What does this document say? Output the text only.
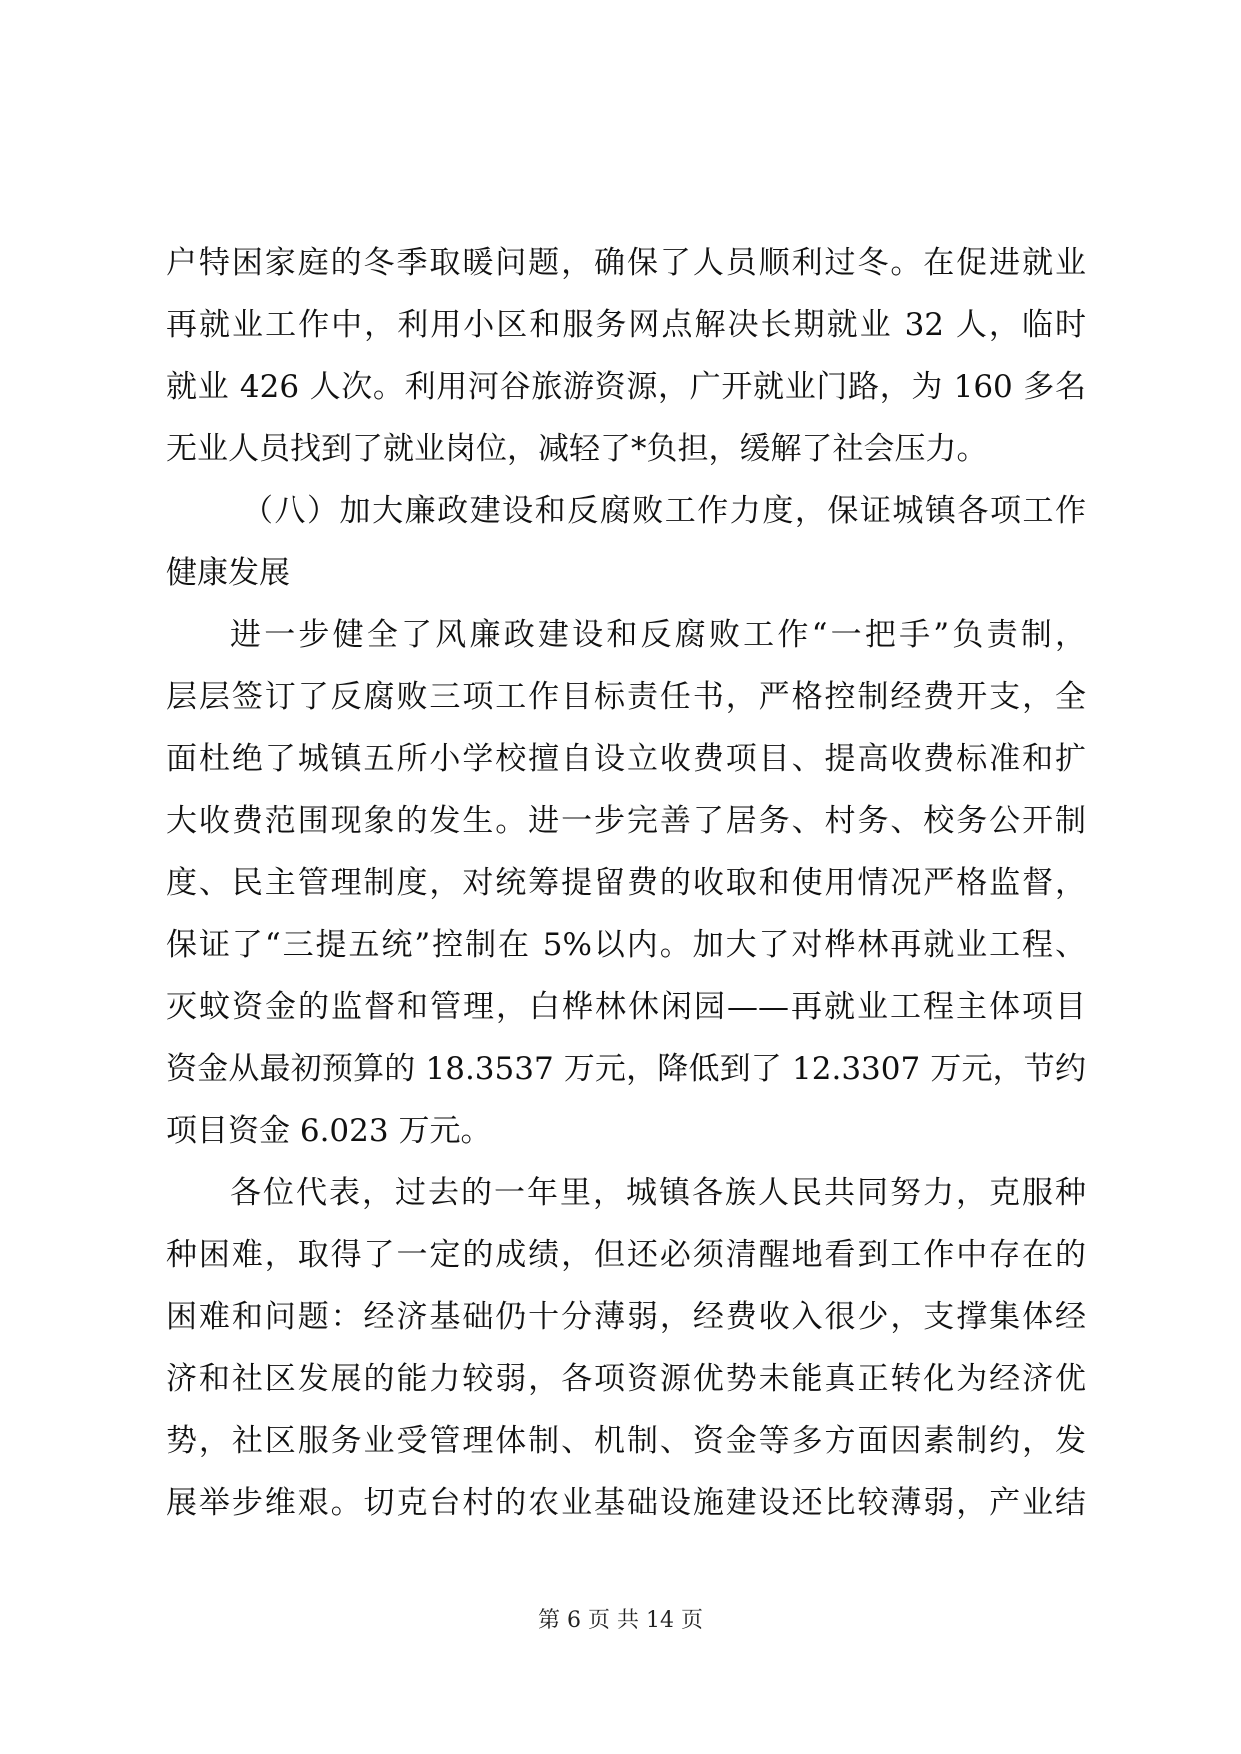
户特困家庭的冬季取暖问题，确保了人员顺利过冬。在促进就业
再就业工作中，利用小区和服务网点解决长期就业 32 人，临时
就业 426 人次。利用河谷旅游资源，广开就业门路，为 160 多名
无业人员找到了就业岗位，减轻了*负担，缓解了社会压力。
（八）加大廉政建设和反腐败工作力度，保证城镇各项工作
健康发展
进一步健全了风廉政建设和反腐败工作“一把手”负责制，
层层签订了反腐败三项工作目标责任书，严格控制经费开支，全
面杜绝了城镇五所小学校擅自设立收费项目、提高收费标准和扩
大收费范围现象的发生。进一步完善了居务、村务、校务公开制
度、民主管理制度，对统筹提留费的收取和使用情况严格监督，
保证了“三提五统”控制在 5%以内。加大了对桦林再就业工程、
灭蚊资金的监督和管理，白桦林休闲园——再就业工程主体项目
资金从最初预算的 18.3537 万元，降低到了 12.3307 万元，节约
项目资金 6.023 万元。
各位代表，过去的一年里，城镇各族人民共同努力，克服种
种困难，取得了一定的成绩，但还必须清醒地看到工作中存在的
困难和问题：经济基础仍十分薄弱，经费收入很少，支撑集体经
济和社区发展的能力较弱，各项资源优势未能真正转化为经济优
势，社区服务业受管理体制、机制、资金等多方面因素制约，发
展举步维艰。切克台村的农业基础设施建设还比较薄弱，产业结
第 6 页 共 14 页
